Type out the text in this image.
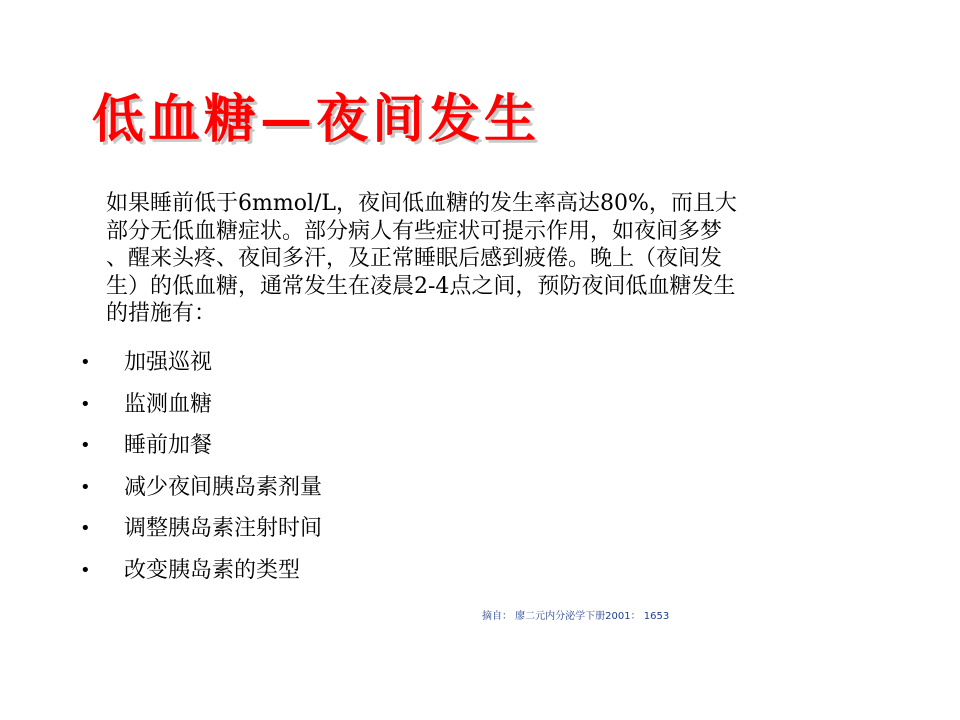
低血糖—夜间发生

如果睡前低于6mmol/L，夜间低血糖的发生率高达80%，而且大
部分无低血糖症状。部分病人有些症状可提示作用，如夜间多梦
、醒来头疼、夜间多汗，及正常睡眠后感到疲倦。晚上（夜间发
生）的低血糖，通常发生在凌晨2-4点之间，预防夜间低血糖发生
的措施有：

•	加强巡视
•	监测血糖
•	睡前加餐
•	减少夜间胰岛素剂量
•	调整胰岛素注射时间
•	改变胰岛素的类型
摘自： 廖二元内分泌学下册2001： 1653
